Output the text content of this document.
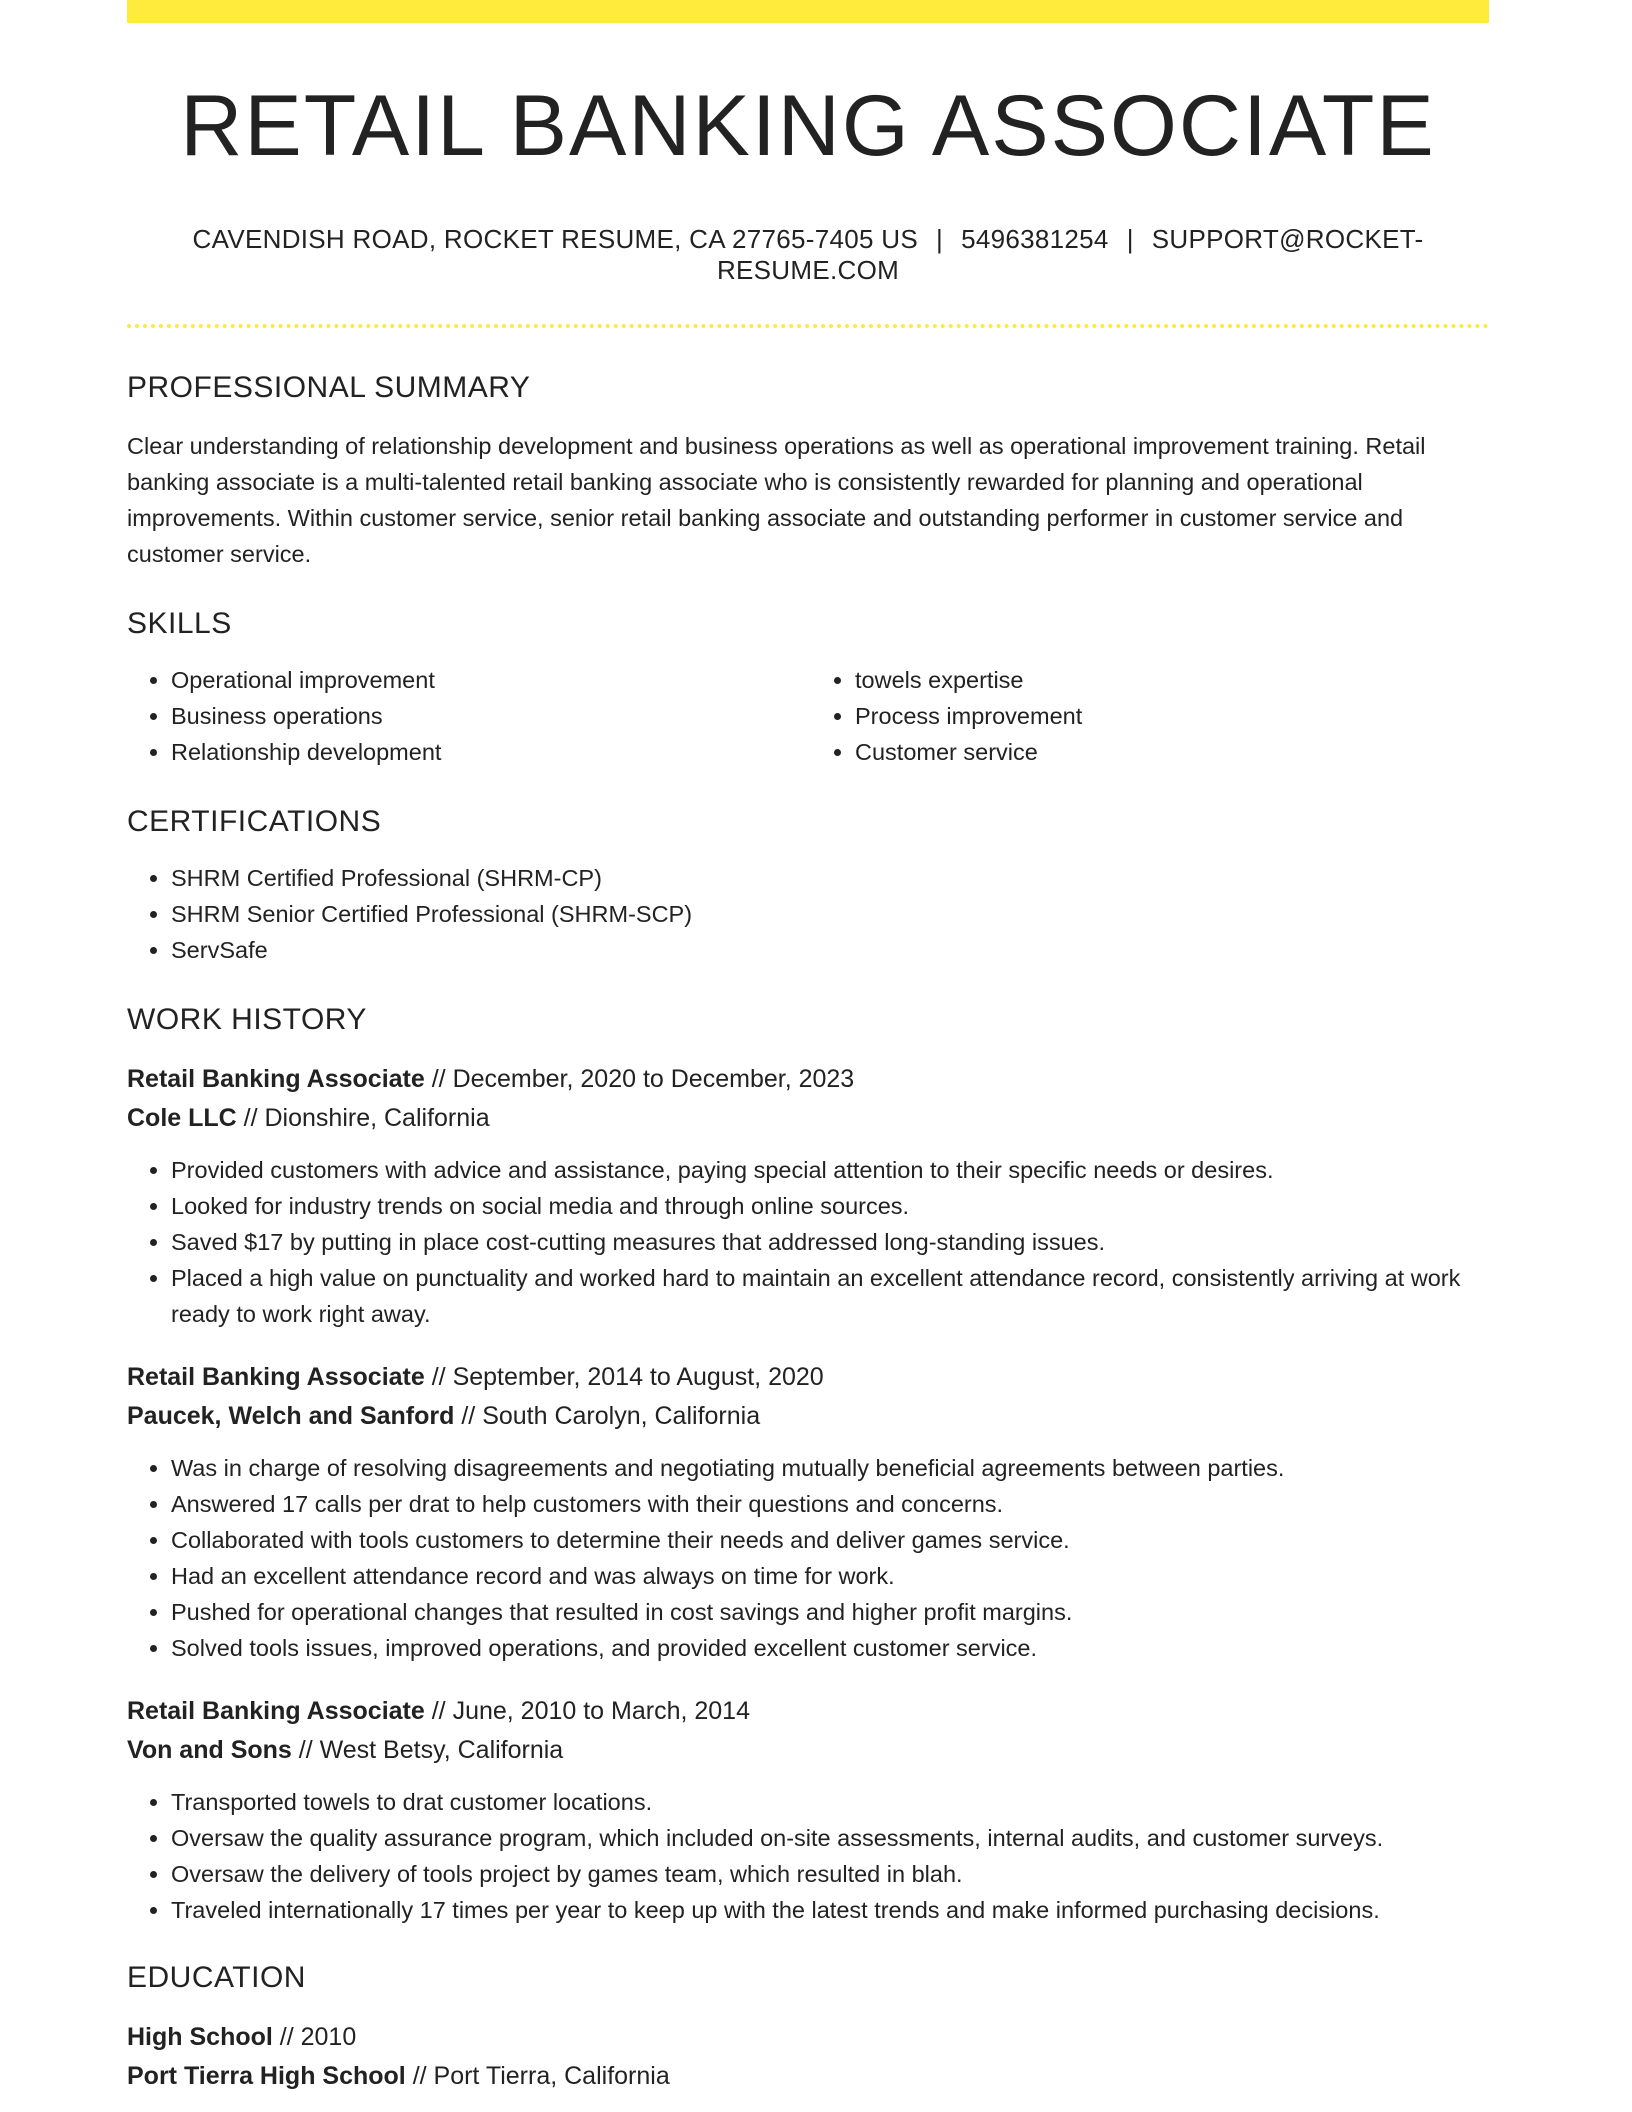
RETAIL BANKING ASSOCIATE
CAVENDISH ROAD, ROCKET RESUME, CA 27765-7405 US | 5496381254 | SUPPORT@ROCKET-RESUME.COM
PROFESSIONAL SUMMARY
Clear understanding of relationship development and business operations as well as operational improvement training. Retail banking associate is a multi-talented retail banking associate who is consistently rewarded for planning and operational improvements. Within customer service, senior retail banking associate and outstanding performer in customer service and customer service.
SKILLS
• Operational improvement
• Business operations
• Relationship development
• towels expertise
• Process improvement
• Customer service
CERTIFICATIONS
• SHRM Certified Professional (SHRM-CP)
• SHRM Senior Certified Professional (SHRM-SCP)
• ServSafe
WORK HISTORY
Retail Banking Associate // December, 2020 to December, 2023
Cole LLC // Dionshire, California
• Provided customers with advice and assistance, paying special attention to their specific needs or desires.
• Looked for industry trends on social media and through online sources.
• Saved $17 by putting in place cost-cutting measures that addressed long-standing issues.
• Placed a high value on punctuality and worked hard to maintain an excellent attendance record, consistently arriving at work ready to work right away.
Retail Banking Associate // September, 2014 to August, 2020
Paucek, Welch and Sanford // South Carolyn, California
• Was in charge of resolving disagreements and negotiating mutually beneficial agreements between parties.
• Answered 17 calls per drat to help customers with their questions and concerns.
• Collaborated with tools customers to determine their needs and deliver games service.
• Had an excellent attendance record and was always on time for work.
• Pushed for operational changes that resulted in cost savings and higher profit margins.
• Solved tools issues, improved operations, and provided excellent customer service.
Retail Banking Associate // June, 2010 to March, 2014
Von and Sons // West Betsy, California
• Transported towels to drat customer locations.
• Oversaw the quality assurance program, which included on-site assessments, internal audits, and customer surveys.
• Oversaw the delivery of tools project by games team, which resulted in blah.
• Traveled internationally 17 times per year to keep up with the latest trends and make informed purchasing decisions.
EDUCATION
High School // 2010
Port Tierra High School // Port Tierra, California
